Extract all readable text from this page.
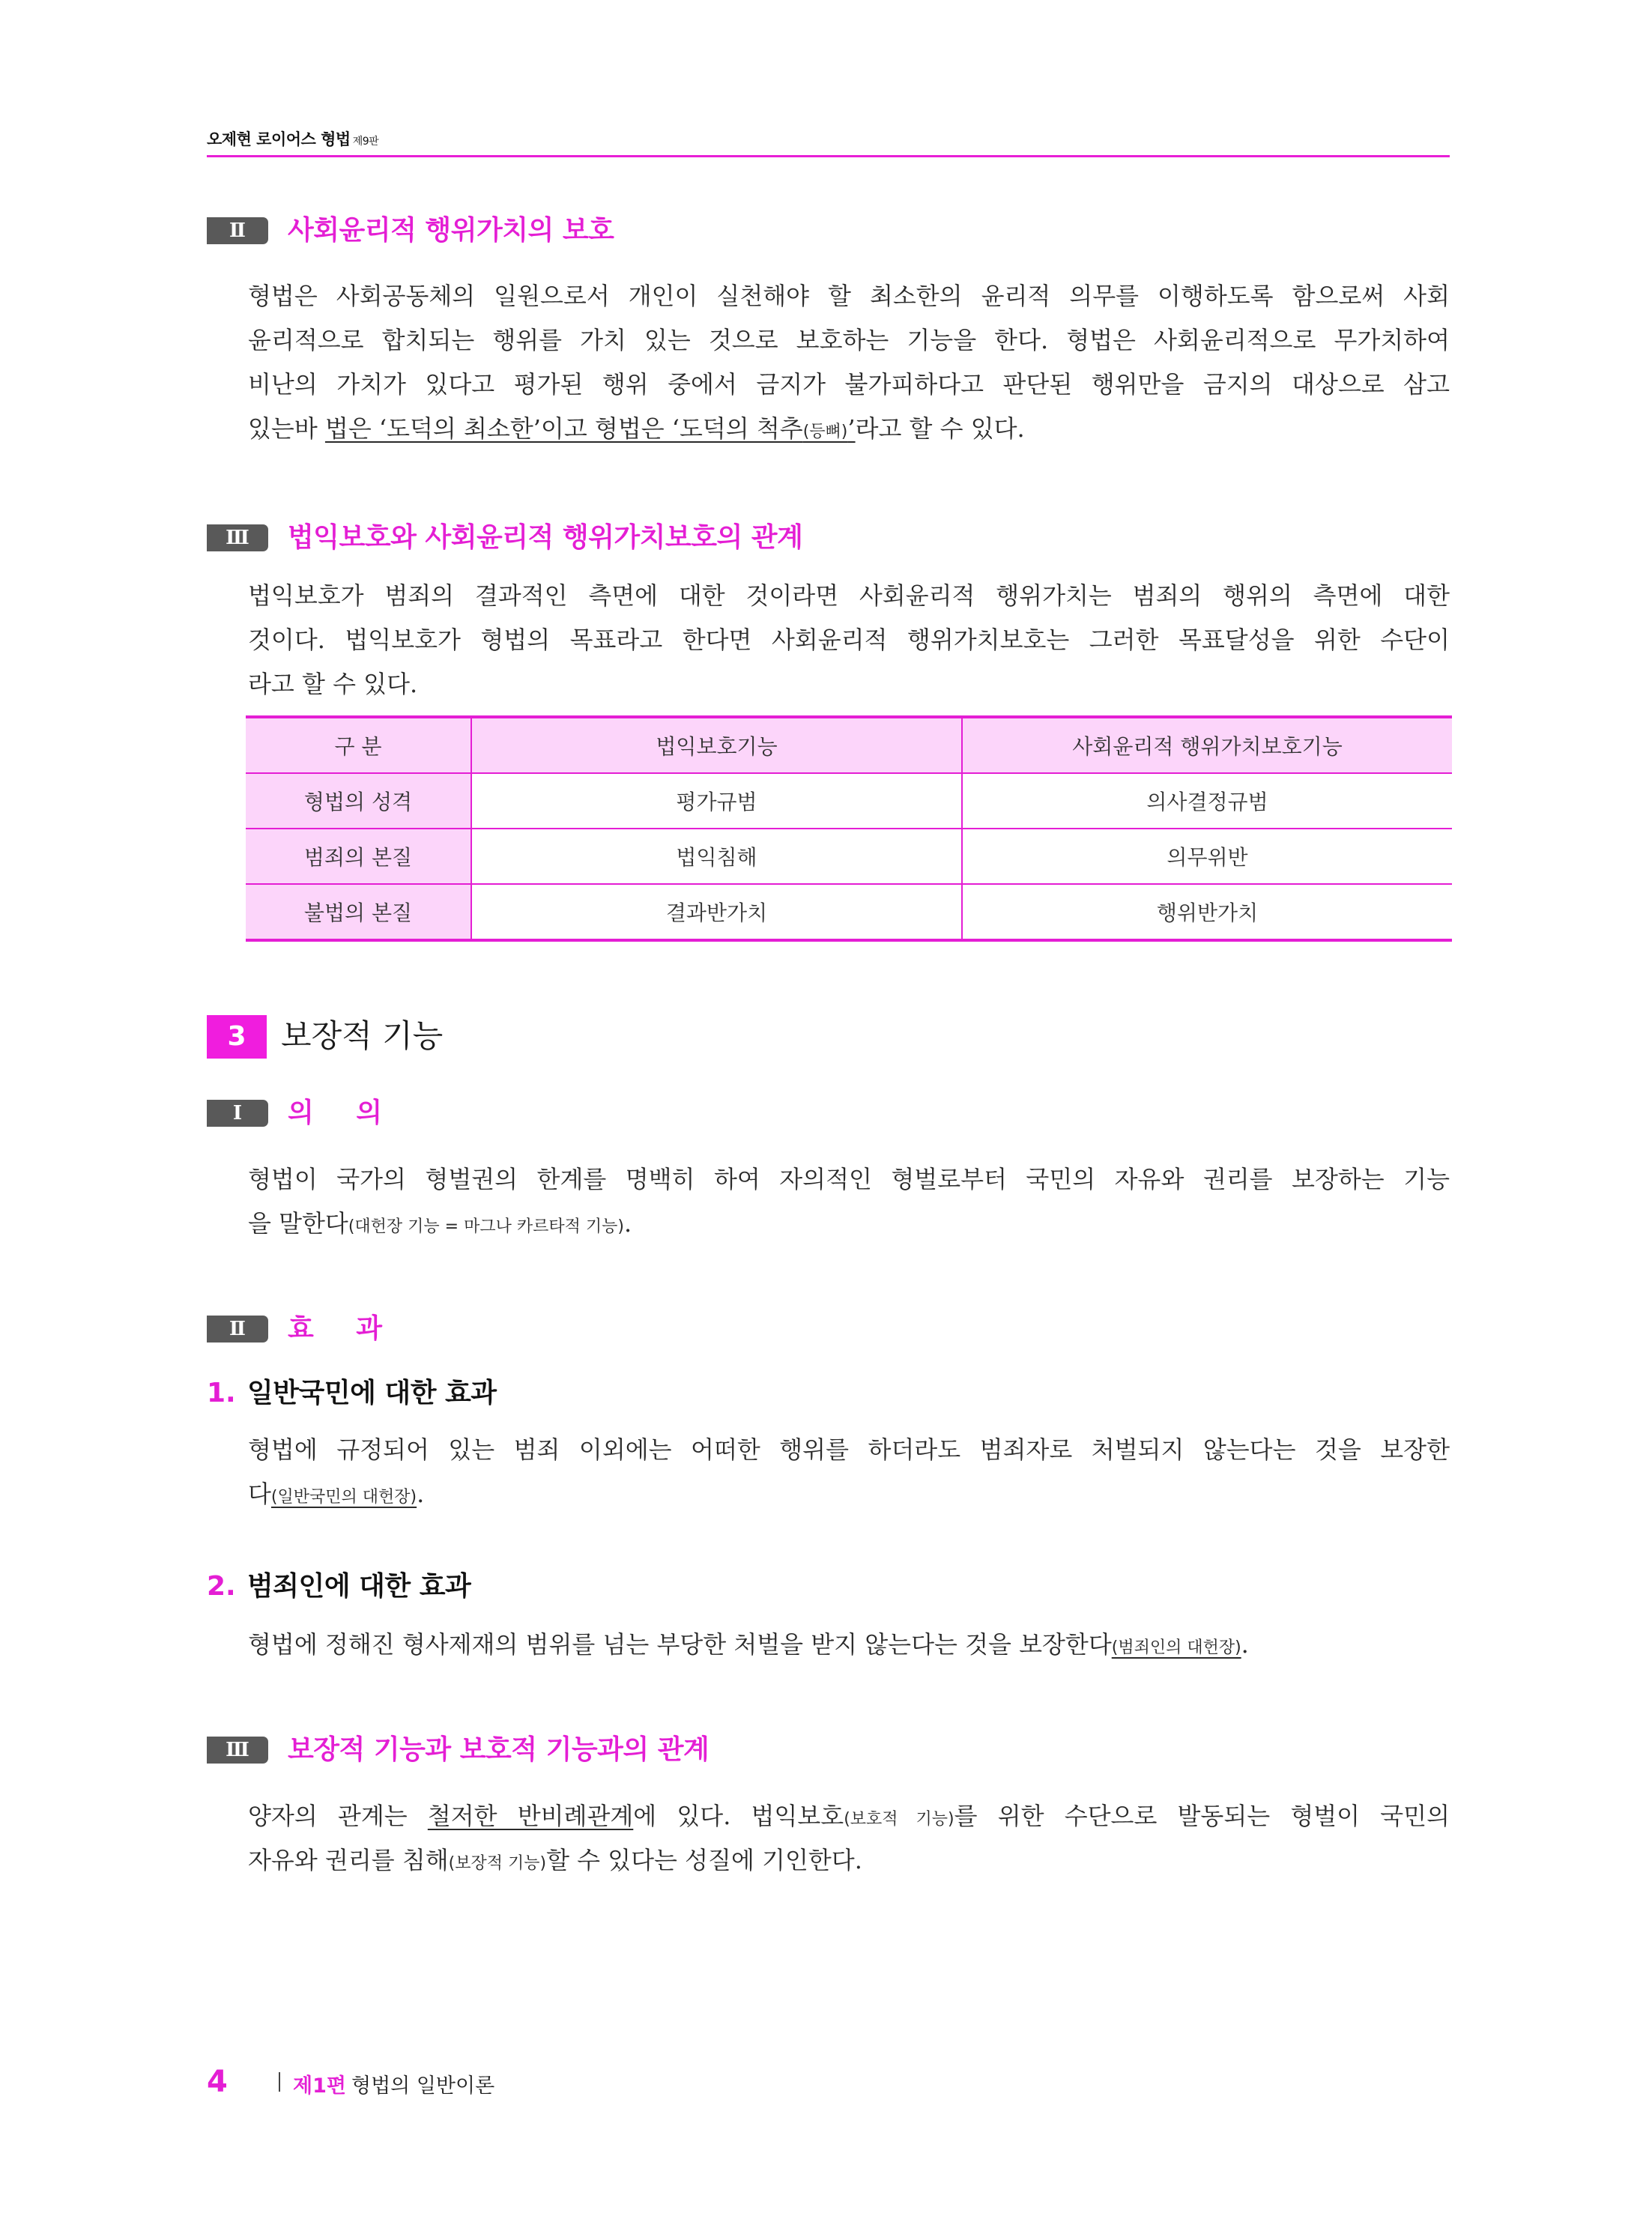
오제현 로이어스 형법 제9판
Ⅱ	사회윤리적 행위가치의 보호
형법은 사회공동체의 일원으로서 개인이 실천해야 할 최소한의 윤리적 의무를 이행하도록 함으로써 사회
윤리적으로 합치되는 행위를 가치 있는 것으로 보호하는 기능을 한다. 형법은 사회윤리적으로 무가치하여
비난의 가치가 있다고 평가된 행위 중에서 금지가 불가피하다고 판단된 행위만을 금지의 대상으로 삼고
있는바 법은 ‘도덕의 최소한’이고 형법은 ‘도덕의 척추(등뼈)’라고 할 수 있다.
Ⅲ	법익보호와 사회윤리적 행위가치보호의 관계
법익보호가 범죄의 결과적인 측면에 대한 것이라면 사회윤리적 행위가치는 범죄의 행위의 측면에 대한
것이다. 법익보호가 형법의 목표라고 한다면 사회윤리적 행위가치보호는 그러한 목표달성을 위한 수단이
라고 할 수 있다.
구 분	법익보호기능	사회윤리적 행위가치보호기능
형법의 성격	평가규범	의사결정규범
범죄의 본질	법익침해	의무위반
불법의 본질	결과반가치	행위반가치
3	보장적 기능
Ⅰ	의 의
형법이 국가의 형벌권의 한계를 명백히 하여 자의적인 형벌로부터 국민의 자유와 권리를 보장하는 기능
을 말한다(대헌장 기능 = 마그나 카르타적 기능).
Ⅱ	효 과
1. 일반국민에 대한 효과
형법에 규정되어 있는 범죄 이외에는 어떠한 행위를 하더라도 범죄자로 처벌되지 않는다는 것을 보장한
다(일반국민의 대헌장).
2. 범죄인에 대한 효과
형법에 정해진 형사제재의 범위를 넘는 부당한 처벌을 받지 않는다는 것을 보장한다(범죄인의 대헌장).
Ⅲ	보장적 기능과 보호적 기능과의 관계
양자의 관계는 철저한 반비례관계에 있다. 법익보호(보호적 기능)를 위한 수단으로 발동되는 형벌이 국민의
자유와 권리를 침해(보장적 기능)할 수 있다는 성질에 기인한다.
4	제1편 형법의 일반이론
